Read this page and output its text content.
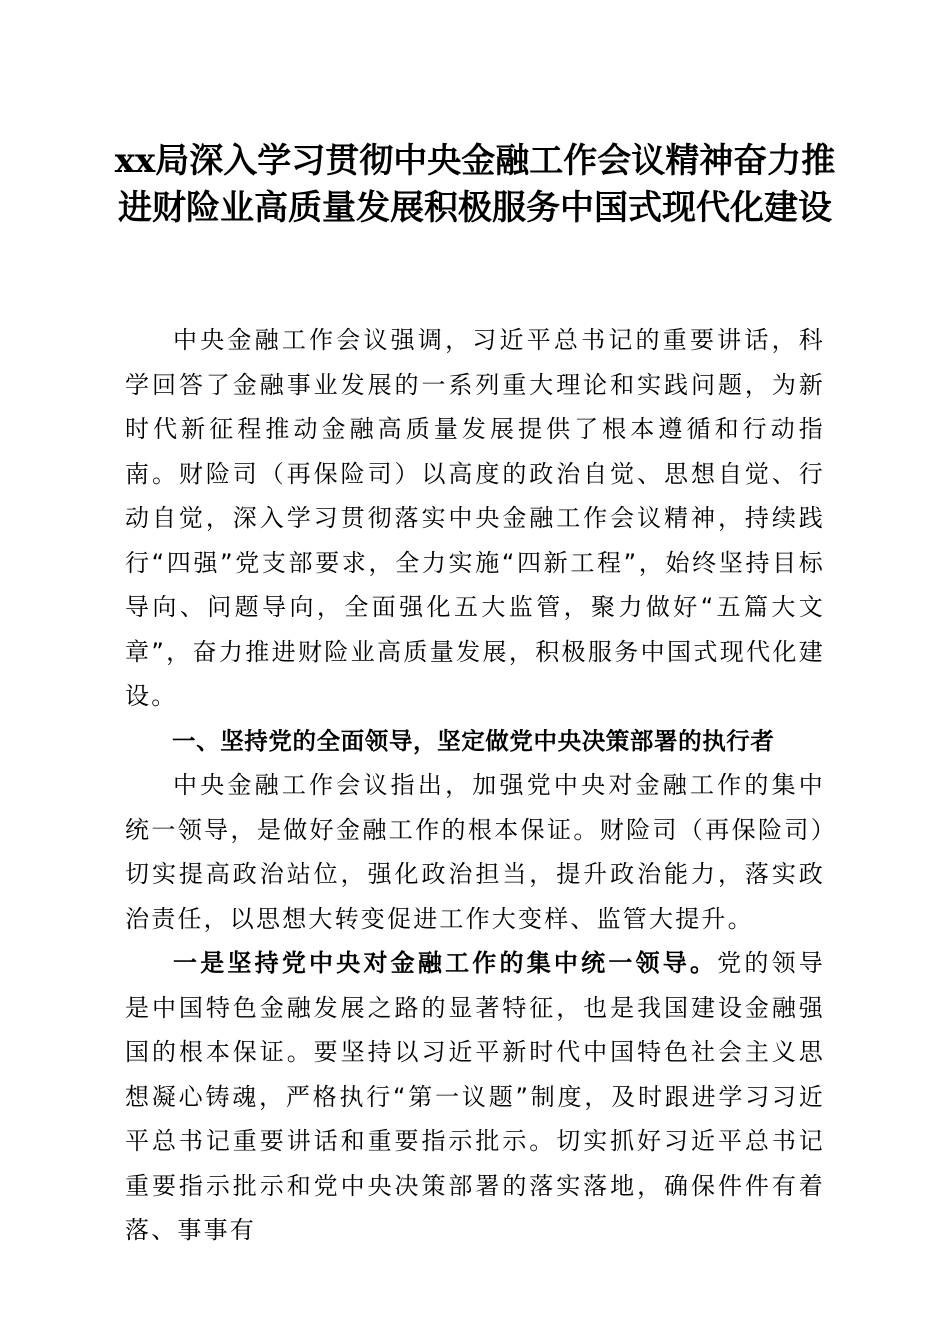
xx局深入学习贯彻中央金融工作会议精神奋力推进财险业高质量发展积极服务中国式现代化建设

中央金融工作会议强调，习近平总书记的重要讲话，科学回答了金融事业发展的一系列重大理论和实践问题，为新时代新征程推动金融高质量发展提供了根本遵循和行动指南。财险司（再保险司）以高度的政治自觉、思想自觉、行动自觉，深入学习贯彻落实中央金融工作会议精神，持续践行“四强”党支部要求，全力实施“四新工程”，始终坚持目标导向、问题导向，全面强化五大监管，聚力做好“五篇大文章”，奋力推进财险业高质量发展，积极服务中国式现代化建设。

一、坚持党的全面领导，坚定做党中央决策部署的执行者

中央金融工作会议指出，加强党中央对金融工作的集中统一领导，是做好金融工作的根本保证。财险司（再保险司）切实提高政治站位，强化政治担当，提升政治能力，落实政治责任，以思想大转变促进工作大变样、监管大提升。

一是坚持党中央对金融工作的集中统一领导。党的领导是中国特色金融发展之路的显著特征，也是我国建设金融强国的根本保证。要坚持以习近平新时代中国特色社会主义思想凝心铸魂，严格执行“第一议题”制度，及时跟进学习习近平总书记重要讲话和重要指示批示。切实抓好习近平总书记重要指示批示和党中央决策部署的落实落地，确保件件有着落、事事有
